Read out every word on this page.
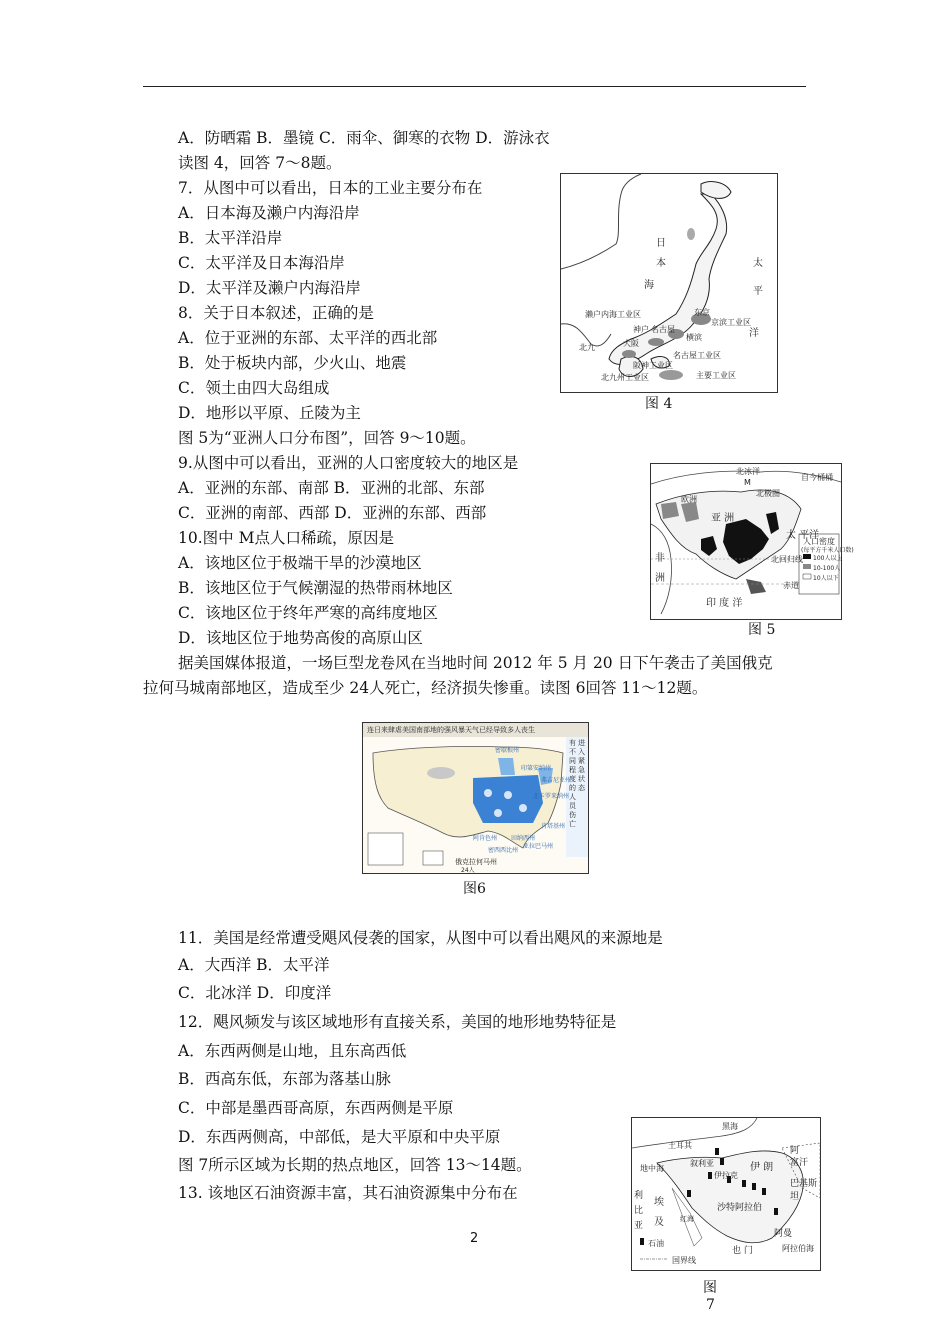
A．防晒霜 B．墨镜 C．雨伞、御寒的衣物 D．游泳衣
读图 4，回答 7～8题。
7．从图中可以看出，日本的工业主要分布在
A．日本海及濑户内海沿岸
B．太平洋沿岸
C．太平洋及日本海沿岸
D．太平洋及濑户内海沿岸
8．关于日本叙述，正确的是
A．位于亚洲的东部、太平洋的西北部
B．处于板块内部，少火山、地震
C．领土由四大岛组成
D．地形以平原、丘陵为主
图 5为“亚洲人口分布图”，回答 9～10题。
9.从图中可以看出，亚洲的人口密度较大的地区是
A．亚洲的东部、南部 B．亚洲的北部、东部
C．亚洲的南部、西部 D．亚洲的东部、西部
10.图中 M点人口稀疏，原因是
A．该地区位于极端干旱的沙漠地区
B．该地区位于气候潮湿的热带雨林地区
C．该地区位于终年严寒的高纬度地区
D．该地区位于地势高俊的高原山区
据美国媒体报道，一场巨型龙卷风在当地时间 2012 年 5 月 20 日下午袭击了美国俄克
拉何马城南部地区，造成至少 24人死亡，经济损失惨重。读图 6回答 11～12题。
11．美国是经常遭受飓风侵袭的国家，从图中可以看出飓风的来源地是
A．大西洋 B．太平洋
C．北冰洋 D．印度洋
12．飓风频发与该区域地形有直接关系，美国的地形地势特征是
A．东西两侧是山地，且东高西低
B．西高东低，东部为落基山脉
C．中部是墨西哥高原，东西两侧是平原
D．东西两侧高，中部低，是大平原和中央平原
图 7所示区域为长期的热点地区，回答 13～14题。
13. 该地区石油资源丰富，其石油资源集中分布在
日
本
海
太
平
洋
濑户内海工业区	东京
京滨工业区
横滨
名古屋
神户
名古屋工业区
大阪
阪神工业区
北九
北九州工业区	主要工业区
图 4
北冰洋
自今桶桶
欧洲
M
北极圈
亚 洲
太 平洋
非
洲
北回归线
赤道
印 度 洋
人口密度
(每平方千米人口数)
100人以上
10-100人
10人以下
图 5
连日来肆虐美国南部地的强风暴天气已经导致多人丧生
有不同程度的人员伤亡
进入紧急状态
密歇根州
印第安纳州
弗吉尼亚州
北卡罗来纳州
肯塔基州
阿肯色州
密西西比州
亚拉巴马州
田纳西州
俄克拉何马州
24人
图6
黑海
土耳其
地中海
叙利亚
伊拉克
伊 朗
阿
富汗
巴基斯坦
利
比
亚
埃
及 红海
沙特阿拉伯
也 门
阿曼
阿拉伯海
石油
国界线
图
7
2
